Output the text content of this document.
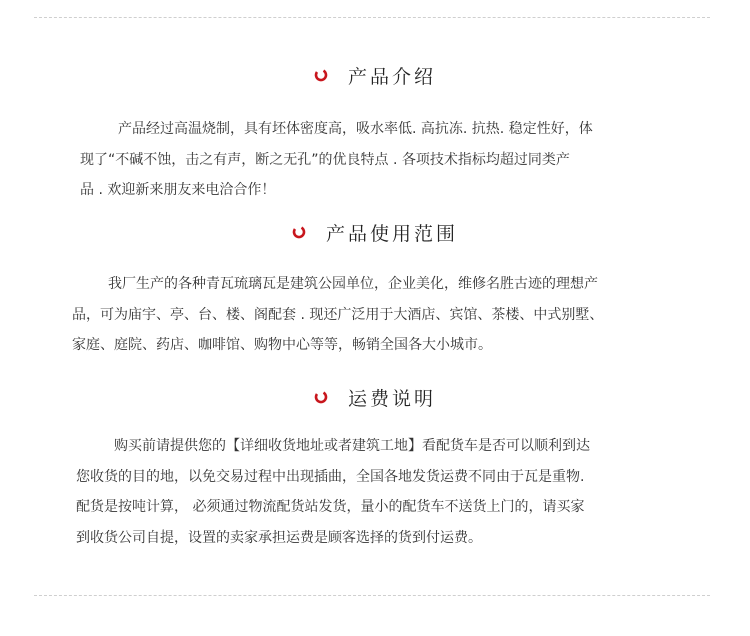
产品介绍
产品经过高温烧制，具有坯体密度高，吸水率低. 高抗冻. 抗热. 稳定性好，体
现了“不碱不蚀，击之有声，断之无孔”的优良特点 . 各项技术指标均超过同类产
品 . 欢迎新来朋友来电洽合作！
产品使用范围
我厂生产的各种青瓦琉璃瓦是建筑公园单位，企业美化，维修名胜古迹的理想产
品，可为庙宇、亭、台、楼、阁配套 . 现还广泛用于大酒店、宾馆、茶楼、中式别墅、
家庭、庭院、药店、咖啡馆、购物中心等等，畅销全国各大小城市。
运费说明
购买前请提供您的【详细收货地址或者建筑工地】看配货车是否可以顺利到达
您收货的目的地，以免交易过程中出现插曲，全国各地发货运费不同由于瓦是重物.
配货是按吨计算， 必须通过物流配货站发货，量小的配货车不送货上门的，请买家
到收货公司自提，设置的卖家承担运费是顾客选择的货到付运费。
